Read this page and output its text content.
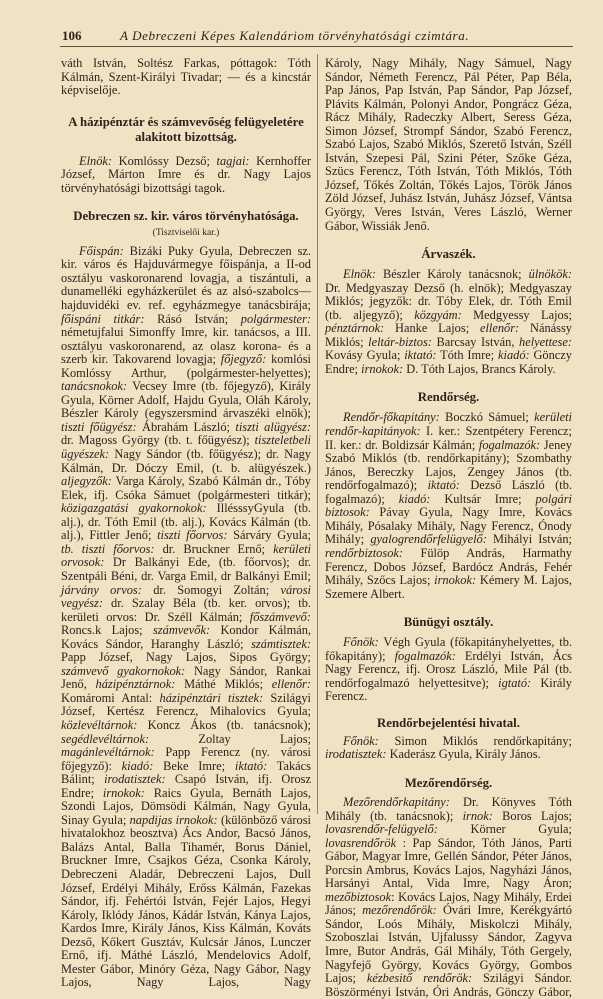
106	A Debreczeni Képes Kalendáriom törvényhatósági czimtára.

váth István, Soltész Farkas, póttagok: Tóth Kálmán, Szent-Királyi Tivadar; — és a kincstár képviselője.

A házipénztár és számvevőség felügyeletére alakitott bizottság.

Elnök: Komlóssy Dezső; tagjai: Kernhoffer József, Márton Imre és dr. Nagy Lajos törvényhatósági bizottsági tagok.

Debreczen sz. kir. város törvényhatósága.
(Tisztviselői kar.)

Főispán: Bizáki Puky Gyula, Debreczen sz. kir. város és Hajduvármegye főispánja, a II-od osztályu vaskoronarend lovagja, a tiszántuli, a dunamelléki egyházkerület és az alsó-szabolcs—hajduvidéki ev. ref. egyházmegye tanácsbirája; főispáni titkár: Rásó István; polgármester: németujfalui Simonffy Imre, kir. tanácsos, a III. osztályu vaskoronarend, az olasz korona- és a szerb kir. Takovarend lovagja; főjegyző: komlósi Komlóssy Arthur, (polgármester-helyettes); tanácsnokok: Vecsey Imre (tb. főjegyző), Király Gyula, Körner Adolf, Hajdu Gyula, Oláh Károly, Bészler Károly (egyszersmind árvaszéki elnök); tiszti főügyész: Ábrahám László; tiszti alügyész: dr. Magoss György (tb. t. főügyész); tiszteletbeli ügyészek: Nagy Sándor (tb. főügyész); dr. Nagy Kálmán, Dr. Dóczy Emil, (t. b. alügyészek.) aljegyzők: Varga Károly, Szabó Kálmán dr., Tóby Elek, ifj. Csóka Sámuet (polgármesteri titkár); közigazgatási gyakornokok: IllésssyGyula (tb. alj.), dr. Tóth Emil (tb. alj.), Kovács Kálmán (tb. alj.), Fittler Jenő; tiszti főorvos: Sárváry Gyula; tb. tiszti főorvos: dr. Bruckner Ernő; kerületi orvosok: Dr Balkányi Ede, (tb. főorvos); dr. Szentpáli Béni, dr. Varga Emil, dr Balkányi Emil; járvány orvos: dr. Somogyi Zoltán; városi vegyész: dr. Szalay Béla (tb. ker. orvos); tb. kerületi orvos: Dr. Széll Kálmán; főszámvevő: Roncs.k Lajos; számvevők: Kondor Kálmán, Kovács Sándor, Haranghy László; számtisztek: Papp József, Nagy Lajos, Sipos György; számvevő gyakornokok: Nagy Sándor, Rankai Jenő, házipénztárnok: Máthé Miklós; ellenőr: Komáromi Antal: házipénztári tisztek: Szilágyi József, Kertész Ferencz, Mihalovics Gyula; közlevéltárnok: Koncz Ákos (tb. tanácsnok); segédlevéltárnok: Zoltay Lajos; magánlevéltárnok: Papp Ferencz (ny. városi főjegyző): kiadó: Beke Imre; iktató: Takács Bálint; irodatisztek: Csapó István, ifj. Orosz Endre; irnokok: Raics Gyula, Bernáth Lajos, Szondi Lajos, Dömsödi Kálmán, Nagy Gyula, Sinay Gyula; napdijas irnokok: (különböző városi hivatalokhoz beosztva) Ács Andor, Bacsó János, Balázs Antal, Balla Tihamér, Borus Dániel, Bruckner Imre, Csajkos Géza, Csonka Károly, Debreczeni Aladár, Debreczeni Lajos, Dull József, Erdélyi Mihály, Erőss Kálmán, Fazekas Sándor, ifj. Fehértói István, Fejér Lajos, Hegyi Károly, Iklódy János, Kádár István, Kánya Lajos, Kardos Imre, Király János, Kiss Kálmán, Kováts Dezső, Kőkert Gusztáv, Kulcsár János, Lunczer Ernő, ifj. Máthé László, Mendelovics Adolf, Mester Gábor, Minóry Géza, Nagy Gábor, Nagy Lajos, Nagy Lajos, Nagy

Károly, Nagy Mihály, Nagy Sámuel, Nagy Sándor, Németh Ferencz, Pál Péter, Pap Béla, Pap János, Pap István, Pap Sándor, Pap József, Plávits Kálmán, Polonyi Andor, Pongrácz Géza, Rácz Mihály, Radeczky Albert, Seress Géza, Simon József, Strompf Sándor, Szabó Ferencz, Szabó Lajos, Szabó Miklós, Szerető István, Széll István, Szepesi Pál, Szini Péter, Szőke Géza, Szücs Ferencz, Tóth István, Tóth Miklós, Tóth József, Tőkés Zoltán, Tőkés Lajos, Török János Zöld József, Juhász István, Juhász József, Vántsa György, Veres István, Veres László, Werner Gábor, Wissiák Jenő.

Árvaszék.

Elnök: Bészler Károly tanácsnok; ülnökök: Dr. Medgyaszay Dezső (h. elnök); Medgyaszay Miklós; jegyzők: dr. Tóby Elek, dr. Tóth Emil (tb. aljegyző); közgyám: Medgyessy Lajos; pénztárnok: Hanke Lajos; ellenőr: Nánássy Miklós; leltár-biztos: Barcsay István, helyettese: Kovásy Gyula; iktató: Tóth Imre; kiadó: Gönczy Endre; irnokok: D. Tóth Lajos, Brancs Károly.

Rendőrség.

Rendőr-főkapitány: Boczkó Sámuel; kerületi rendőr-kapitányok: I. ker.: Szentpétery Ferencz; II. ker.: dr. Boldizsár Kálmán; fogalmazók: Jeney Szabó Miklós (tb. rendőrkapitány); Szombathy János, Bereczky Lajos, Zengey János (tb. rendőrfogalmazó); iktató: Dezső László (tb. fogalmazó); kiadó: Kultsár Imre; polgári biztosok: Pávay Gyula, Nagy Imre, Kovács Mihály, Pósalaky Mihály, Nagy Ferencz, Ónody Mihály; gyalogrendőrfelügyelő: Mihályi István; rendőrbiztosok: Fülöp András, Harmathy Ferencz, Dobos József, Bardócz András, Fehér Mihály, Szőcs Lajos; irnokok: Kémery M. Lajos, Szemere Albert.

Bünügyi osztály.

Főnök: Végh Gyula (főkapitányhelyettes, tb. főkapitány); fogalmazók: Erdélyi István, Ács Nagy Ferencz, ifj. Orosz László, Mile Pál (tb. rendőrfogalmazó helyettesitve); igtató: Király Ferencz.

Rendőrbejelentési hivatal.

Főnök: Simon Miklós rendőrkapitány; irodatisztek: Kaderász Gyula, Király János.

Mezőrendőrség.

Mezőrendőrkapitány: Dr. Könyves Tóth Mihály (tb. tanácsnok); irnok: Boros Lajos; lovasrendőr-felügyelő: Körner Gyula; lovasrendőrök : Pap Sándor, Tóth János, Parti Gábor, Magyar Imre, Gellén Sándor, Péter János, Porcsin Ambrus, Kovács Lajos, Nagyházi János, Harsányi Antal, Vida Imre, Nagy Áron; mezőbiztosok: Kovács Lajos, Nagy Mihály, Erdei János; mezőrendőrök: Óvári Imre, Kerékgyártó Sándor, Loós Mihály, Miskolczi Mihály, Szoboszlai István, Ujfalussy Sándor, Zagyva Imre, Butor András, Gál Mihály, Tóth Gergely, Nagyfejő György, Kovács György, Gombos Lajos; kézbesitő rendőrök: Szilágyi Sándor. Böszörményi István, Óri András, Gönczy Gábor,
